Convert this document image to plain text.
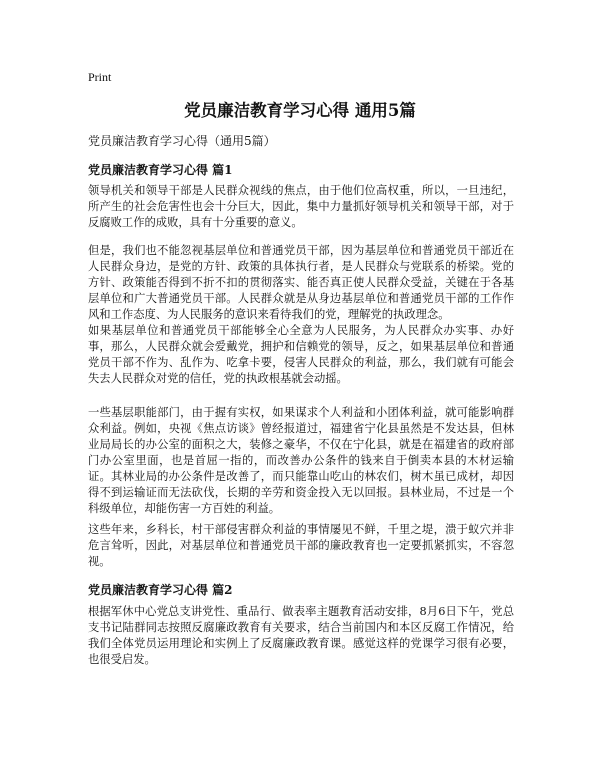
Print
党员廉洁教育学习心得 通用5篇
党员廉洁教育学习心得（通用5篇）
党员廉洁教育学习心得 篇1
领导机关和领导干部是人民群众视线的焦点，由于他们位高权重，所以，一旦违纪，所产生的社会危害性也会十分巨大，因此，集中力量抓好领导机关和领导干部，对于反腐败工作的成败，具有十分重要的意义。
但是，我们也不能忽视基层单位和普通党员干部，因为基层单位和普通党员干部近在人民群众身边，是党的方针、政策的具体执行者，是人民群众与党联系的桥梁。党的方针、政策能否得到不折不扣的贯彻落实、能否真正使人民群众受益，关键在于各基层单位和广大普通党员干部。人民群众就是从身边基层单位和普通党员干部的工作作风和工作态度、为人民服务的意识来看待我们的党，理解党的执政理念。
如果基层单位和普通党员干部能够全心全意为人民服务，为人民群众办实事、办好事，那么，人民群众就会爱戴党，拥护和信赖党的领导，反之，如果基层单位和普通党员干部不作为、乱作为、吃拿卡要，侵害人民群众的利益，那么，我们就有可能会失去人民群众对党的信任，党的执政根基就会动摇。
一些基层职能部门，由于握有实权，如果谋求个人利益和小团体利益，就可能影响群众利益。例如，央视《焦点访谈》曾经报道过，福建省宁化县虽然是不发达县，但林业局局长的办公室的面积之大，装修之豪华，不仅在宁化县，就是在福建省的政府部门办公室里面，也是首屈一指的，而改善办公条件的钱来自于倒卖本县的木材运输证。其林业局的办公条件是改善了，而只能靠山吃山的林农们，树木虽已成材，却因得不到运输证而无法砍伐，长期的辛劳和资金投入无以回报。县林业局，不过是一个科级单位，却能伤害一方百姓的利益。
这些年来，乡科长，村干部侵害群众利益的事情屡见不鲜，千里之堤，溃于蚁穴并非危言耸听，因此，对基层单位和普通党员干部的廉政教育也一定要抓紧抓实，不容忽视。
党员廉洁教育学习心得 篇2
根据军休中心党总支讲党性、重品行、做表率主题教育活动安排，8月6日下午，党总支书记陆群同志按照反腐廉政教育有关要求，结合当前国内和本区反腐工作情况，给我们全体党员运用理论和实例上了反腐廉政教育课。感觉这样的党课学习很有必要，也很受启发。
